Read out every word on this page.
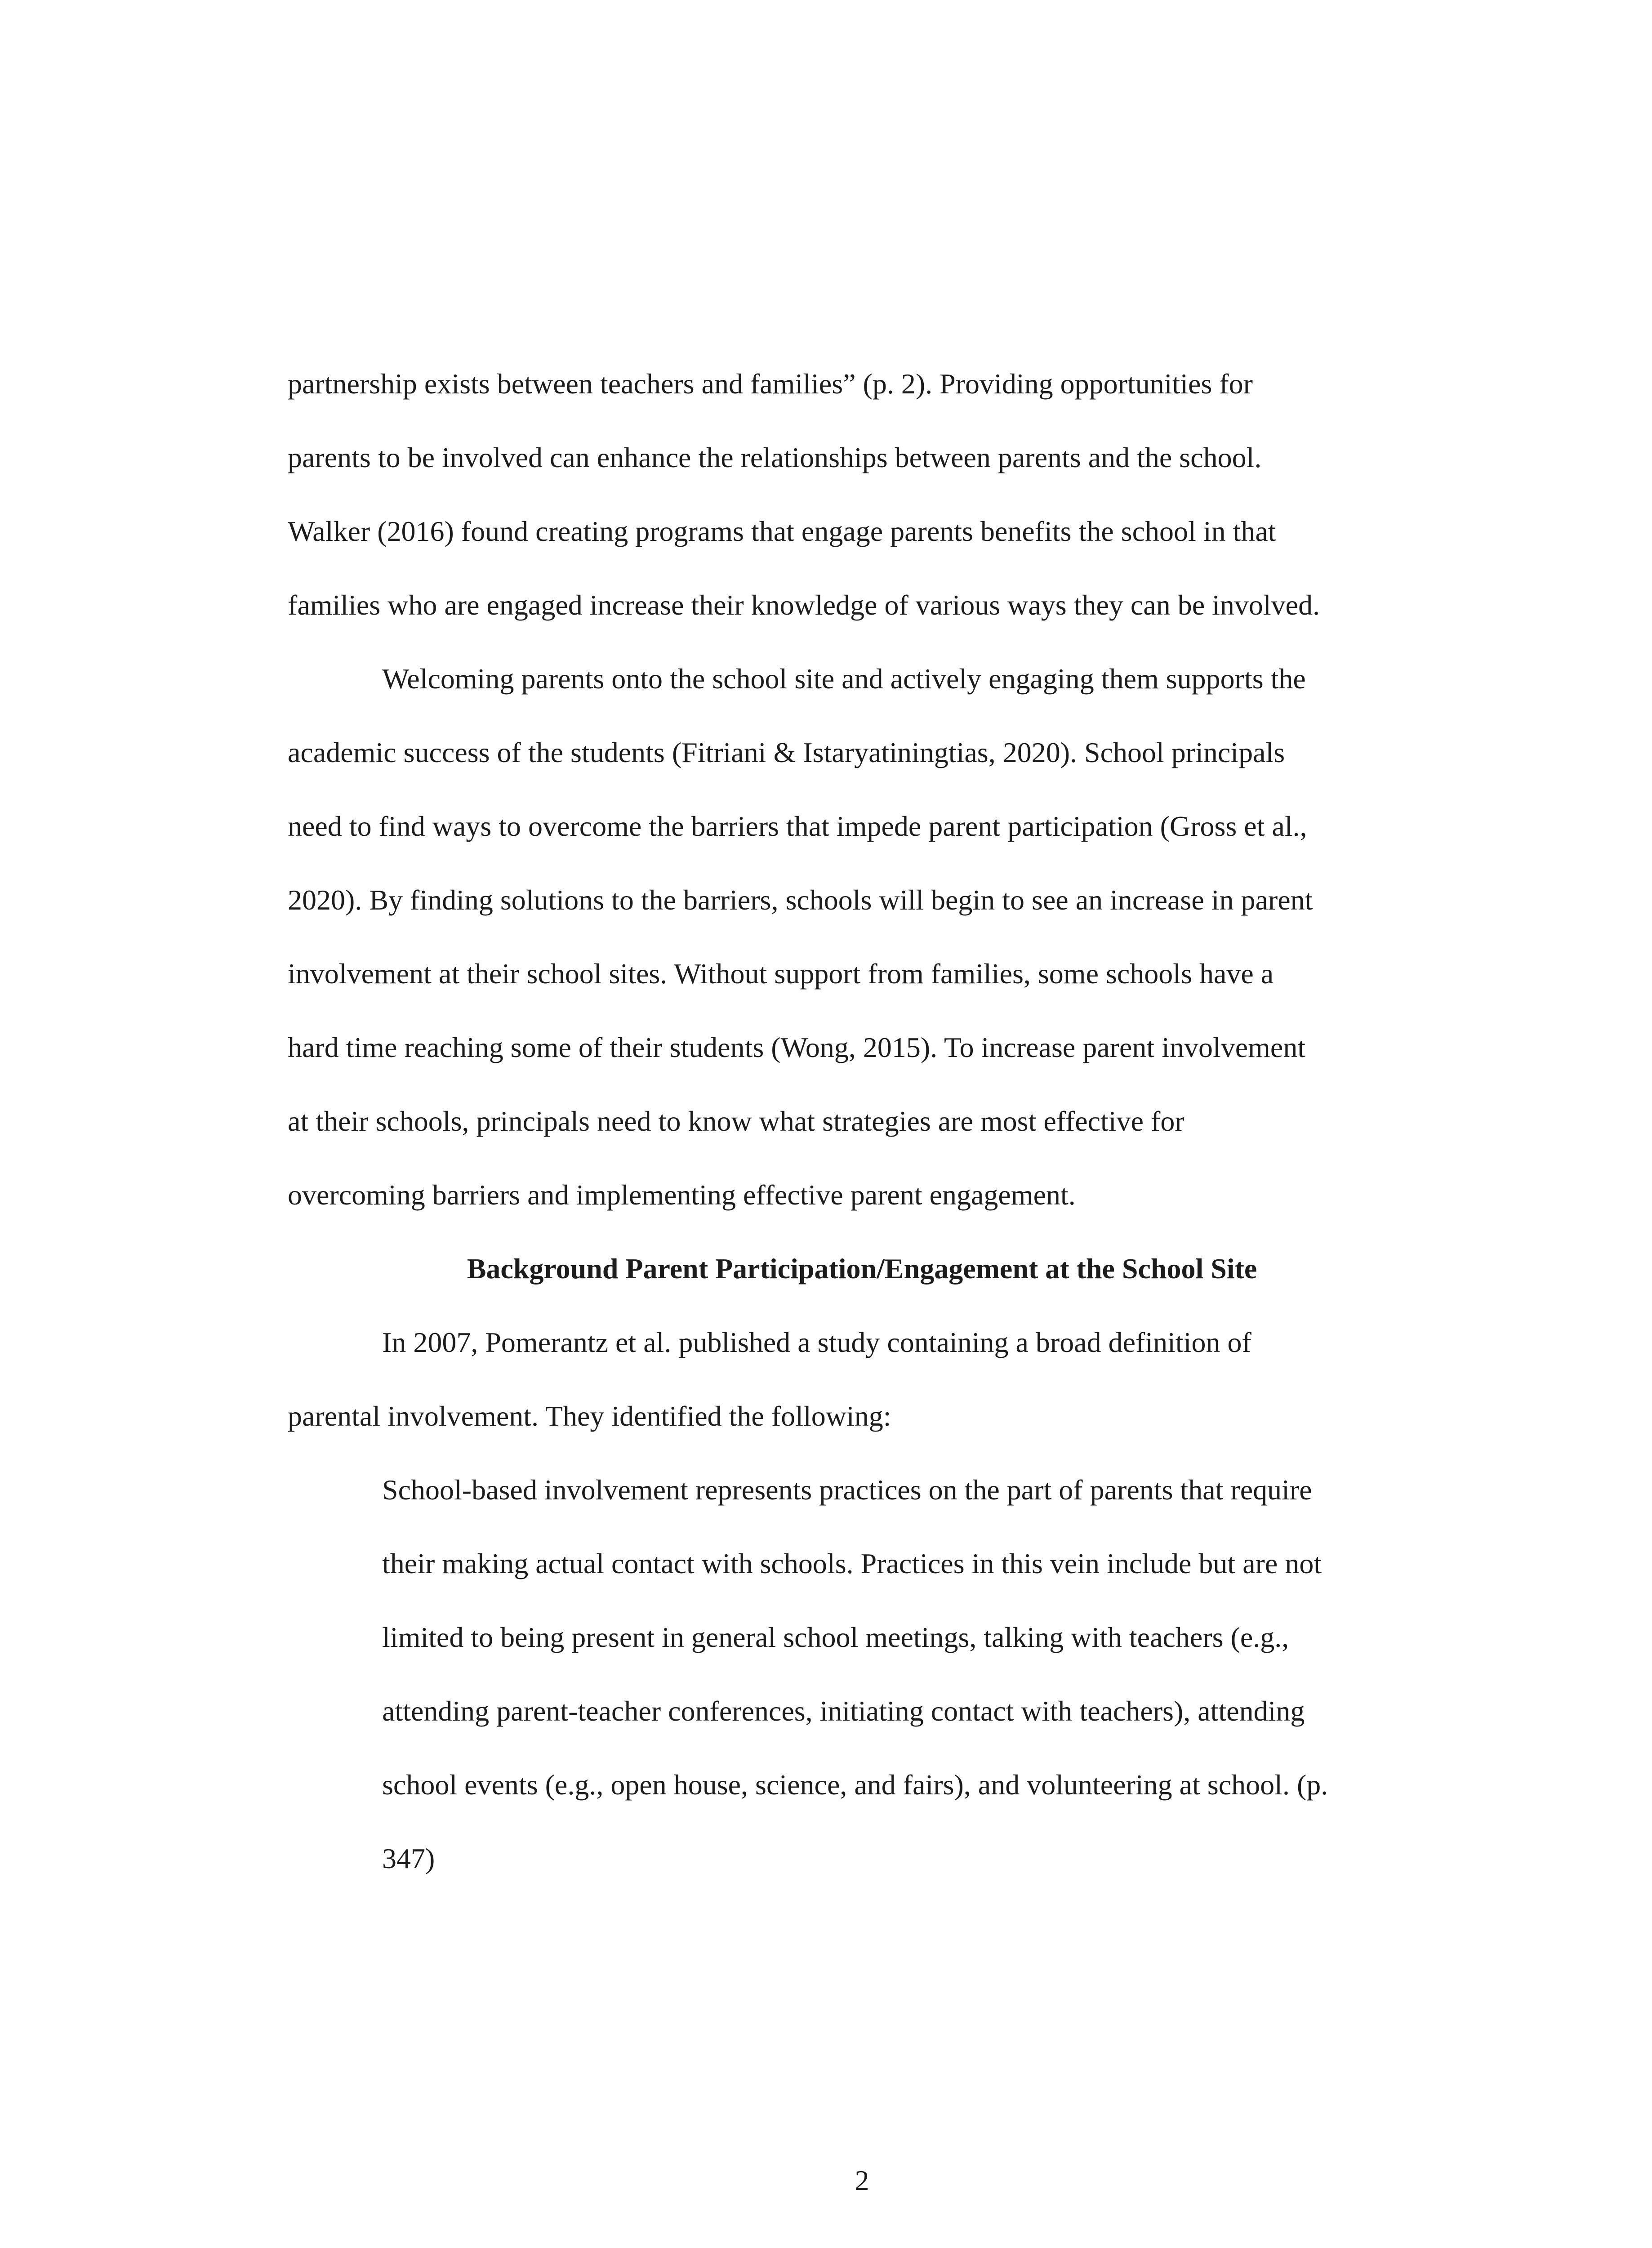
partnership exists between teachers and families” (p. 2). Providing opportunities for

parents to be involved can enhance the relationships between parents and the school.

Walker (2016) found creating programs that engage parents benefits the school in that

families who are engaged increase their knowledge of various ways they can be involved.

Welcoming parents onto the school site and actively engaging them supports the

academic success of the students (Fitriani & Istaryatiningtias, 2020). School principals

need to find ways to overcome the barriers that impede parent participation (Gross et al.,

2020). By finding solutions to the barriers, schools will begin to see an increase in parent

involvement at their school sites. Without support from families, some schools have a

hard time reaching some of their students (Wong, 2015). To increase parent involvement

at their schools, principals need to know what strategies are most effective for

overcoming barriers and implementing effective parent engagement.

Background Parent Participation/Engagement at the School Site

In 2007, Pomerantz et al. published a study containing a broad definition of

parental involvement. They identified the following:

School-based involvement represents practices on the part of parents that require

their making actual contact with schools. Practices in this vein include but are not

limited to being present in general school meetings, talking with teachers (e.g.,

attending parent-teacher conferences, initiating contact with teachers), attending

school events (e.g., open house, science, and fairs), and volunteering at school. (p.

347)

2
